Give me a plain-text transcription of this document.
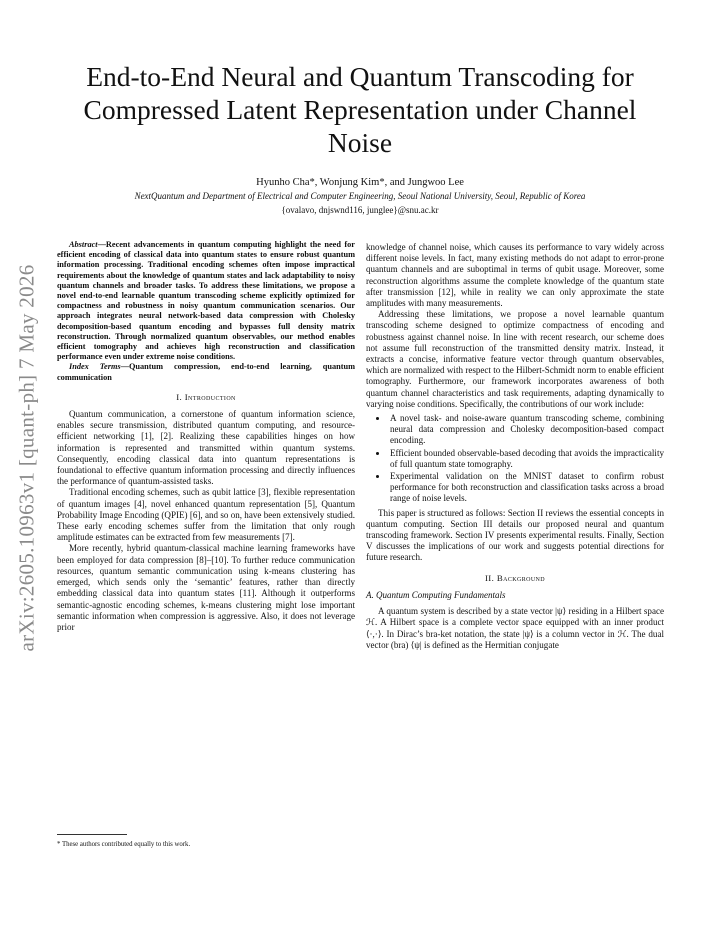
End-to-End Neural and Quantum Transcoding for Compressed Latent Representation under Channel Noise
Hyunho Cha*, Wonjung Kim*, and Jungwoo Lee
NextQuantum and Department of Electrical and Computer Engineering, Seoul National University, Seoul, Republic of Korea
{ovalavo, dnjswnd116, junglee}@snu.ac.kr
arXiv:2605.10963v1 [quant-ph] 7 May 2026

Abstract—Recent advancements in quantum computing highlight the need for efficient encoding of classical data into quantum states to ensure robust quantum information processing. Traditional encoding schemes often impose impractical requirements about the knowledge of quantum states and lack adaptability to noisy quantum channels and broader tasks. To address these limitations, we propose a novel end-to-end learnable quantum transcoding scheme explicitly optimized for compactness and robustness in noisy quantum communication scenarios. Our approach integrates neural network-based data compression with Cholesky decomposition-based quantum encoding and bypasses full density matrix reconstruction. Through normalized quantum observables, our method enables efficient tomography and achieves high reconstruction and classification performance even under extreme noise conditions.

Index Terms—Quantum compression, end-to-end learning, quantum communication

I. Introduction

Quantum communication, a cornerstone of quantum information science, enables secure transmission, distributed quantum computing, and resource-efficient networking [1], [2]. Realizing these capabilities hinges on how information is represented and transmitted within quantum systems. Consequently, encoding classical data into quantum representations is foundational to effective quantum information processing and directly influences the performance of quantum-assisted tasks.

Traditional encoding schemes, such as qubit lattice [3], flexible representation of quantum images [4], novel enhanced quantum representation [5], Quantum Probability Image Encoding (QPIE) [6], and so on, have been extensively studied. These early encoding schemes suffer from the limitation that only rough amplitude estimates can be extracted from few measurements [7].

More recently, hybrid quantum-classical machine learning frameworks have been employed for data compression [8]–[10]. To further reduce communication resources, quantum semantic communication using k-means clustering has emerged, which sends only the ‘semantic’ features, rather than directly embedding classical data into quantum states [11]. Although it outperforms semantic-agnostic encoding schemes, k-means clustering might lose important semantic information when compression is aggressive. Also, it does not leverage prior

* These authors contributed equally to this work.

knowledge of channel noise, which causes its performance to vary widely across different noise levels. In fact, many existing methods do not adapt to error-prone quantum channels and are suboptimal in terms of qubit usage. Moreover, some reconstruction algorithms assume the complete knowledge of the quantum state after transmission [12], while in reality we can only approximate the state amplitudes with many measurements.

Addressing these limitations, we propose a novel learnable quantum transcoding scheme designed to optimize compactness of encoding and robustness against channel noise. In line with recent research, our scheme does not assume full reconstruction of the transmitted density matrix. Instead, it extracts a concise, informative feature vector through quantum observables, which are normalized with respect to the Hilbert-Schmidt norm to enable efficient tomography. Furthermore, our framework incorporates awareness of both quantum channel characteristics and task requirements, adapting dynamically to varying noise conditions. Specifically, the contributions of our work include:

• A novel task- and noise-aware quantum transcoding scheme, combining neural data compression and Cholesky decomposition-based compact encoding.
• Efficient bounded observable-based decoding that avoids the impracticality of full quantum state tomography.
• Experimental validation on the MNIST dataset to confirm robust performance for both reconstruction and classification tasks across a broad range of noise levels.

This paper is structured as follows: Section II reviews the essential concepts in quantum computing. Section III details our proposed neural and quantum transcoding framework. Section IV presents experimental results. Finally, Section V discusses the implications of our work and suggests potential directions for future research.

II. Background

A. Quantum Computing Fundamentals

A quantum system is described by a state vector |ψ⟩ residing in a Hilbert space ℋ. A Hilbert space is a complete vector space equipped with an inner product ⟨·,·⟩. In Dirac’s bra-ket notation, the state |ψ⟩ is a column vector in ℋ. The dual vector (bra) ⟨ψ| is defined as the Hermitian conjugate
